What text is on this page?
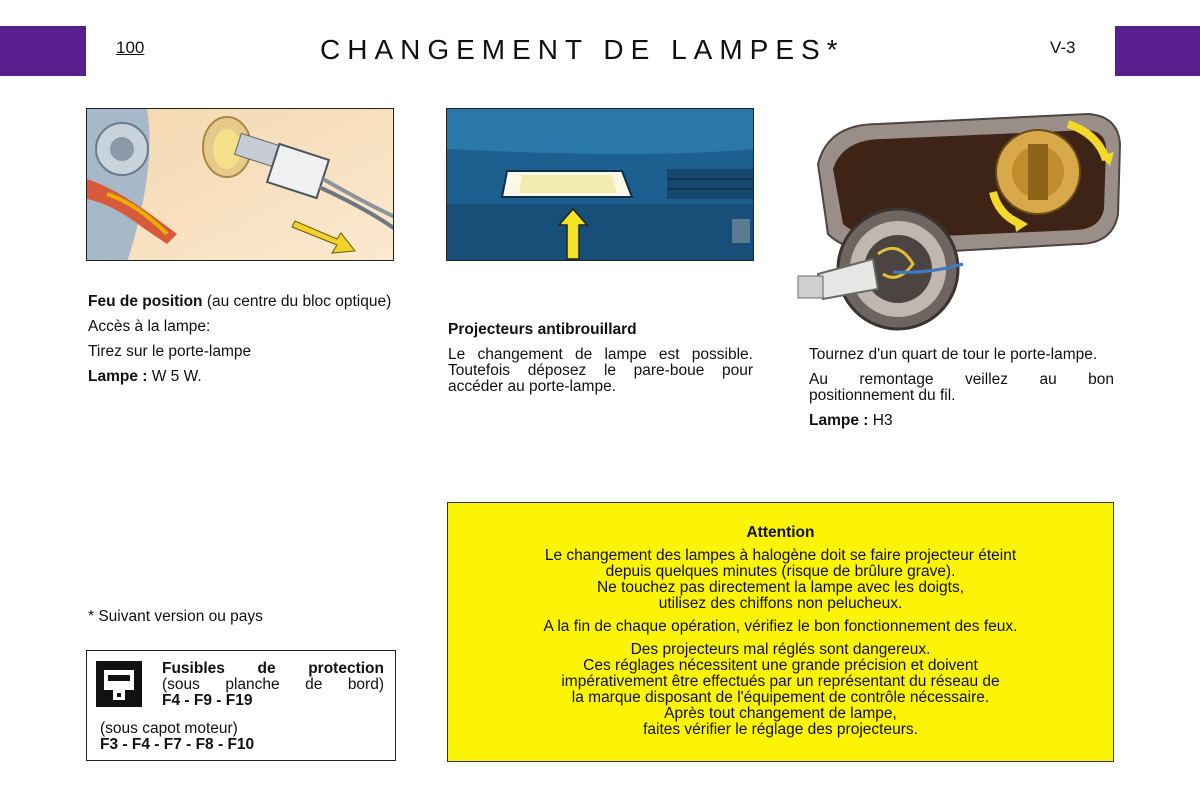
100	CHANGEMENT DE LAMPES*	V-3

Feu de position (au centre du bloc optique)

Accès à la lampe:

Tirez sur le porte-lampe

Lampe : W 5 W.

Projecteurs antibrouillard

Le changement de lampe est possible. Toutefois déposez le pare-boue pour accéder au porte-lampe.

Tournez d'un quart de tour le porte-lampe.

Au remontage veillez au bon positionnement du fil.

Lampe : H3

* Suivant version ou pays
Fusibles de protection
(sous planche de bord)
F4 - F9 - F19
(sous capot moteur)
F3 - F4 - F7 - F8 - F10
Attention
Le changement des lampes à halogène doit se faire projecteur éteint
depuis quelques minutes (risque de brûlure grave).
Ne touchez pas directement la lampe avec les doigts,
utilisez des chiffons non pelucheux.
A la fin de chaque opération, vérifiez le bon fonctionnement des feux.
Des projecteurs mal réglés sont dangereux.
Ces réglages nécessitent une grande précision et doivent
impérativement être effectués par un représentant du réseau de
la marque disposant de l'équipement de contrôle nécessaire.
Après tout changement de lampe,
faites vérifier le réglage des projecteurs.
